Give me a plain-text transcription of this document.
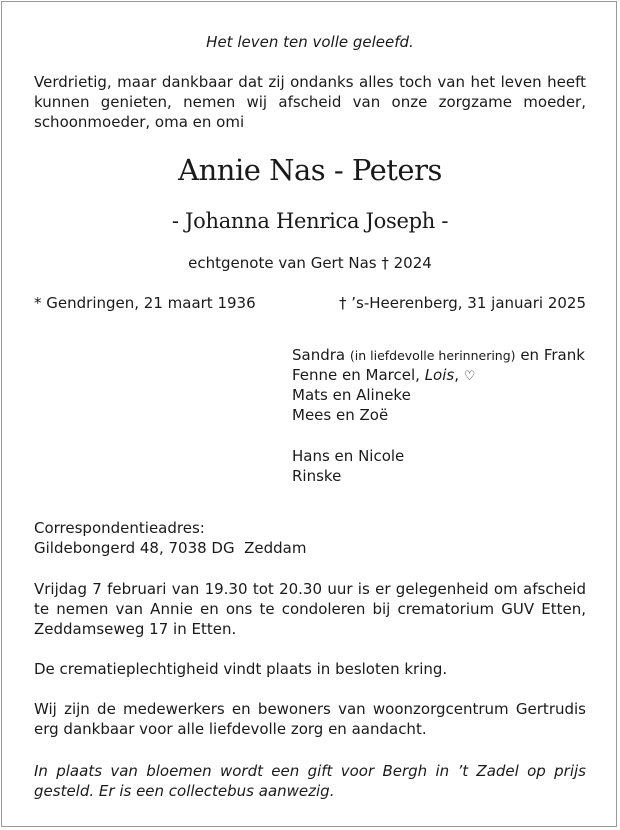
Het leven ten volle geleefd.
Verdrietig, maar dankbaar dat zij ondanks alles toch van het leven heeft kunnen genieten, nemen wij afscheid van onze zorgzame moeder, schoonmoeder, oma en omi
Annie Nas - Peters
- Johanna Henrica Joseph -
echtgenote van Gert Nas † 2024
* Gendringen, 21 maart 1936	† ’s-Heerenberg, 31 januari 2025
Sandra (in liefdevolle herinnering) en Frank
Fenne en Marcel, Lois, ♡
Mats en Alineke
Mees en Zoë
Hans en Nicole
Rinske
Correspondentieadres:
Gildebongerd 48, 7038 DG  Zeddam
Vrijdag 7 februari van 19.30 tot 20.30 uur is er gelegenheid om afscheid te nemen van Annie en ons te condoleren bij crematorium GUV Etten, Zeddamseweg 17 in Etten.
De crematieplechtigheid vindt plaats in besloten kring.
Wij zijn de medewerkers en bewoners van woonzorgcentrum Gertrudis erg dankbaar voor alle liefdevolle zorg en aandacht.
In plaats van bloemen wordt een gift voor Bergh in ’t Zadel op prijs gesteld. Er is een collectebus aanwezig.
